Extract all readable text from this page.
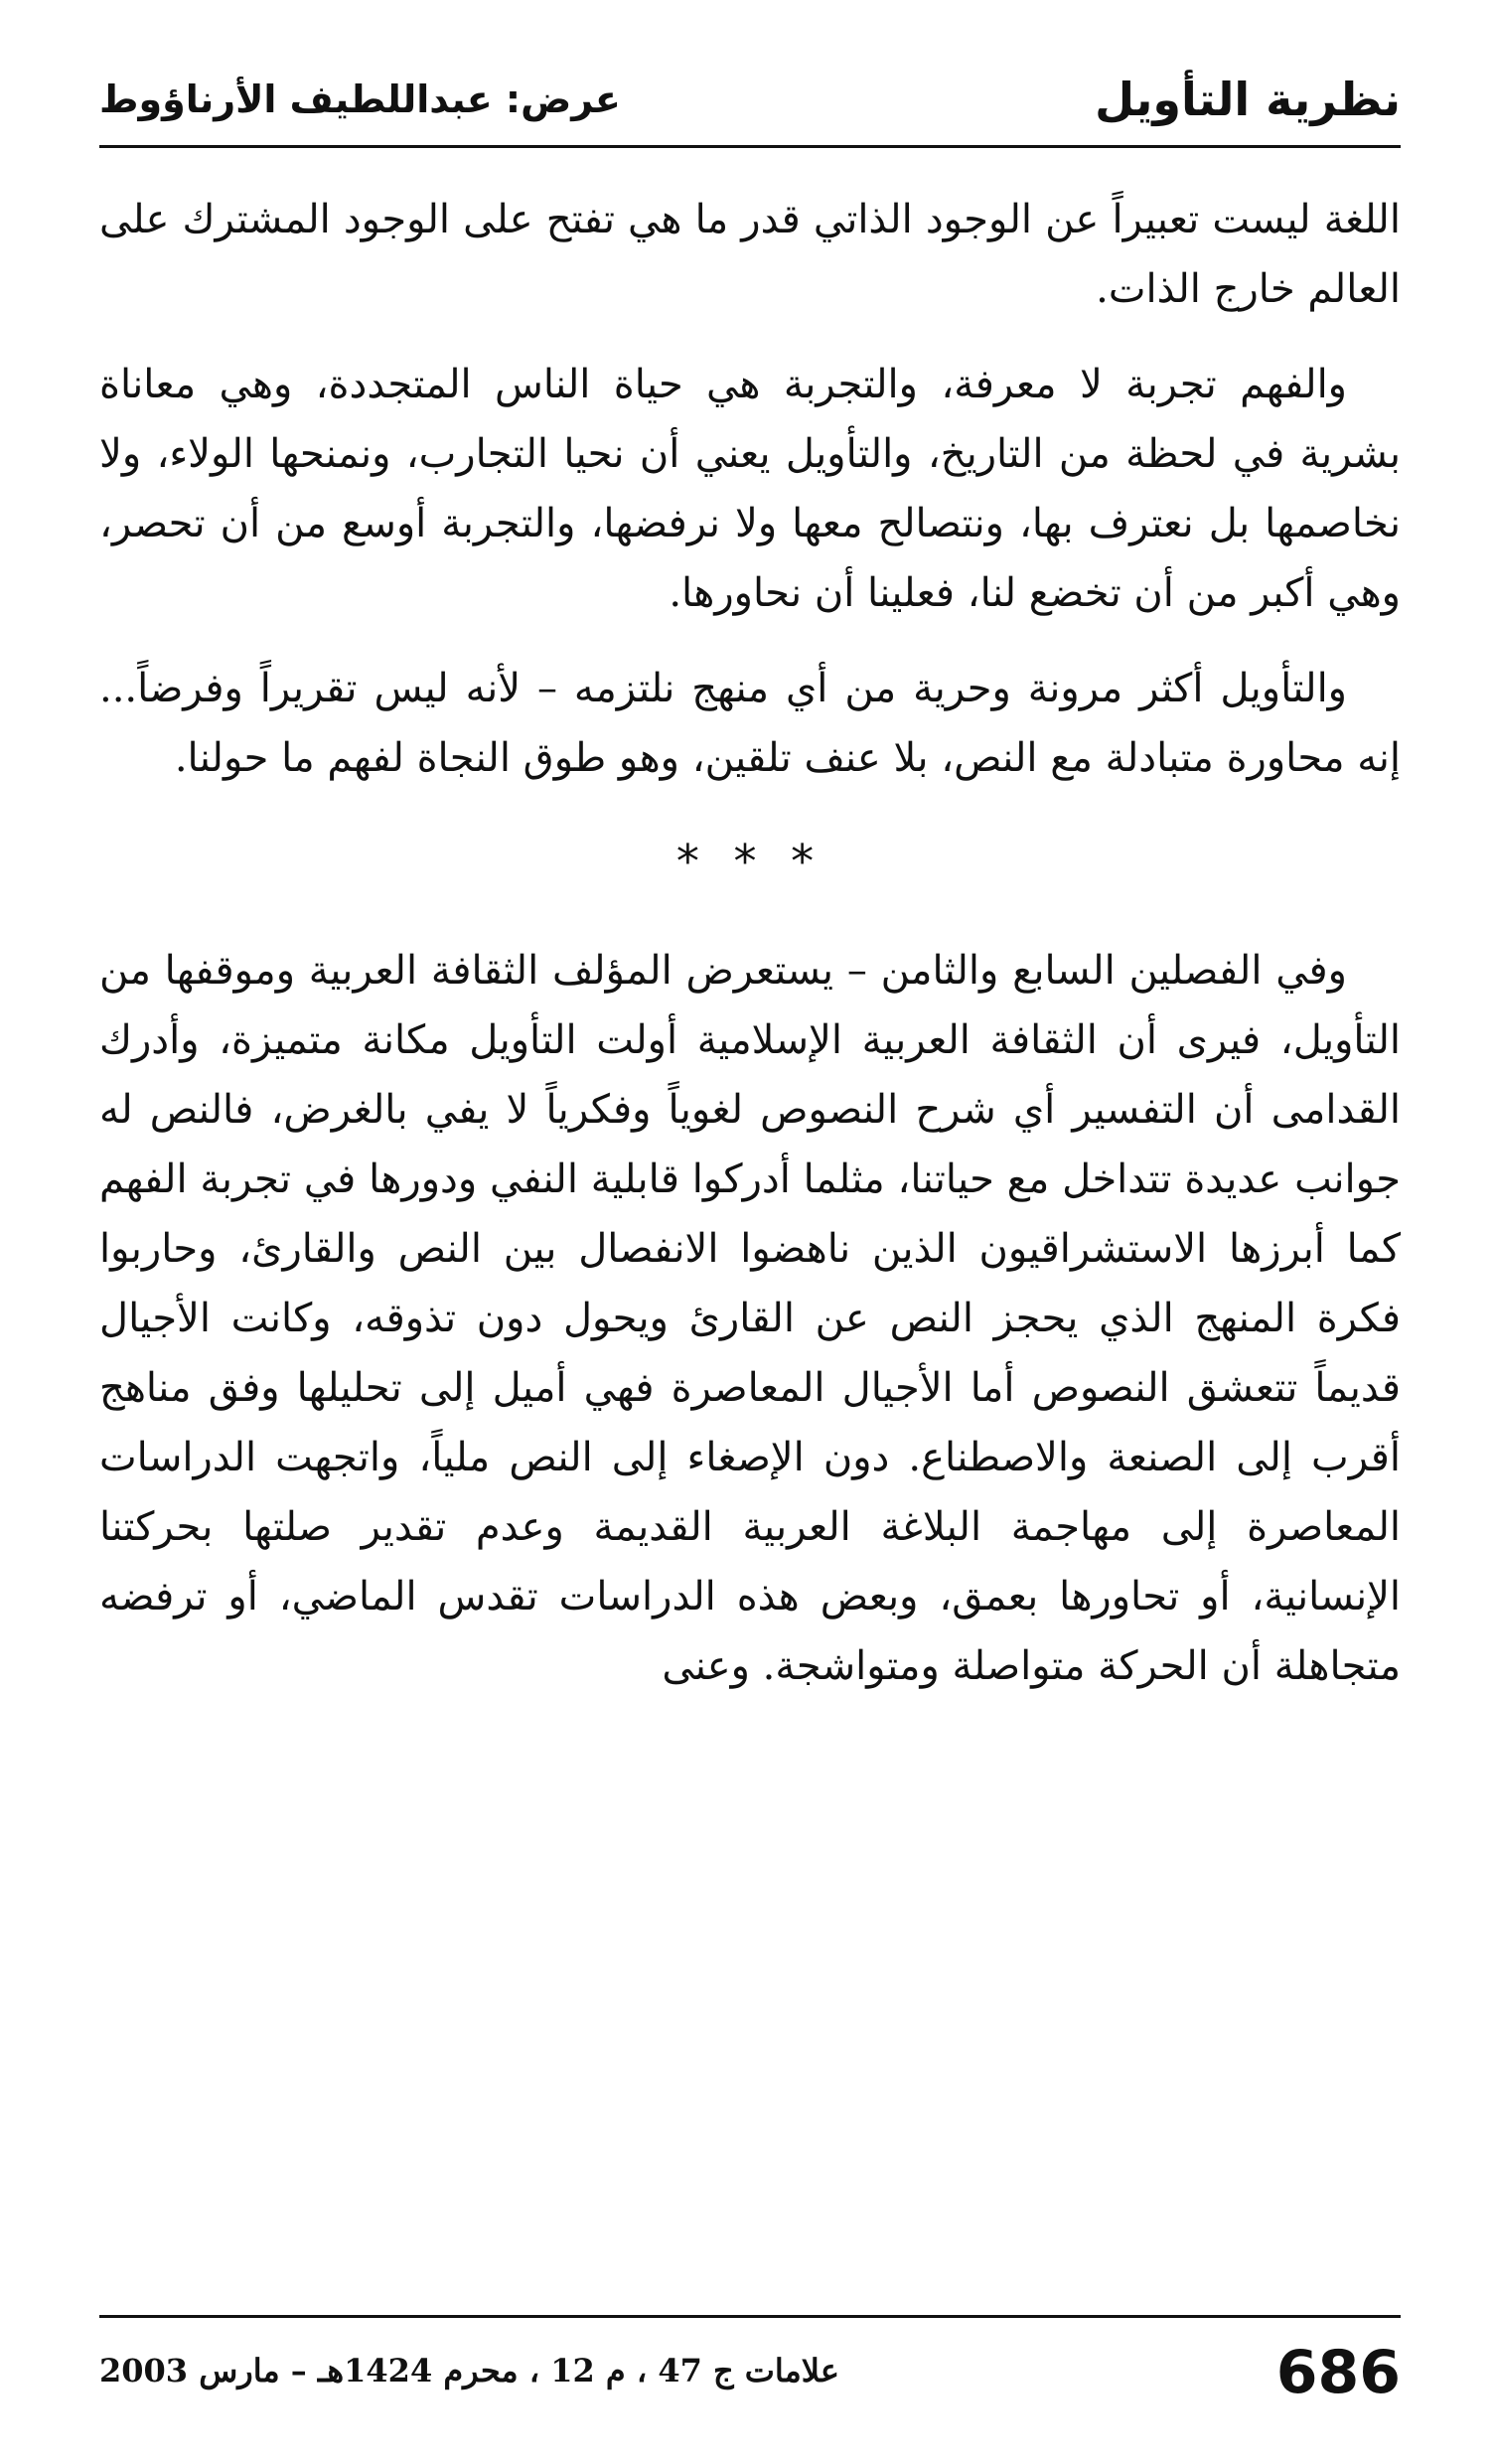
نظرية التأويل
عرض: عبداللطيف الأرناؤوط

اللغة ليست تعبيراً عن الوجود الذاتي قدر ما هي تفتح على الوجود المشترك على العالم خارج الذات.

والفهم تجربة لا معرفة، والتجربة هي حياة الناس المتجددة، وهي معاناة بشرية في لحظة من التاريخ، والتأويل يعني أن نحيا التجارب، ونمنحها الولاء، ولا نخاصمها بل نعترف بها، ونتصالح معها ولا نرفضها، والتجربة أوسع من أن تحصر، وهي أكبر من أن تخضع لنا، فعلينا أن نحاورها.

والتأويل أكثر مرونة وحرية من أي منهج نلتزمه – لأنه ليس تقريراً وفرضاً... إنه محاورة متبادلة مع النص، بلا عنف تلقين، وهو طوق النجاة لفهم ما حولنا.

* * *

وفي الفصلين السابع والثامن – يستعرض المؤلف الثقافة العربية وموقفها من التأويل، فيرى أن الثقافة العربية الإسلامية أولت التأويل مكانة متميزة، وأدرك القدامى أن التفسير أي شرح النصوص لغوياً وفكرياً لا يفي بالغرض، فالنص له جوانب عديدة تتداخل مع حياتنا، مثلما أدركوا قابلية النفي ودورها في تجربة الفهم كما أبرزها الاستشراقيون الذين ناهضوا الانفصال بين النص والقارئ، وحاربوا فكرة المنهج الذي يحجز النص عن القارئ ويحول دون تذوقه، وكانت الأجيال قديماً تتعشق النصوص أما الأجيال المعاصرة فهي أميل إلى تحليلها وفق مناهج أقرب إلى الصنعة والاصطناع. دون الإصغاء إلى النص ملياً، واتجهت الدراسات المعاصرة إلى مهاجمة البلاغة العربية القديمة وعدم تقدير صلتها بحركتنا الإنسانية، أو تحاورها بعمق، وبعض هذه الدراسات تقدس الماضي، أو ترفضه متجاهلة أن الحركة متواصلة ومتواشجة. وعنى

686
علامات ج 47 ، م 12 ، محرم 1424هـ – مارس 2003
